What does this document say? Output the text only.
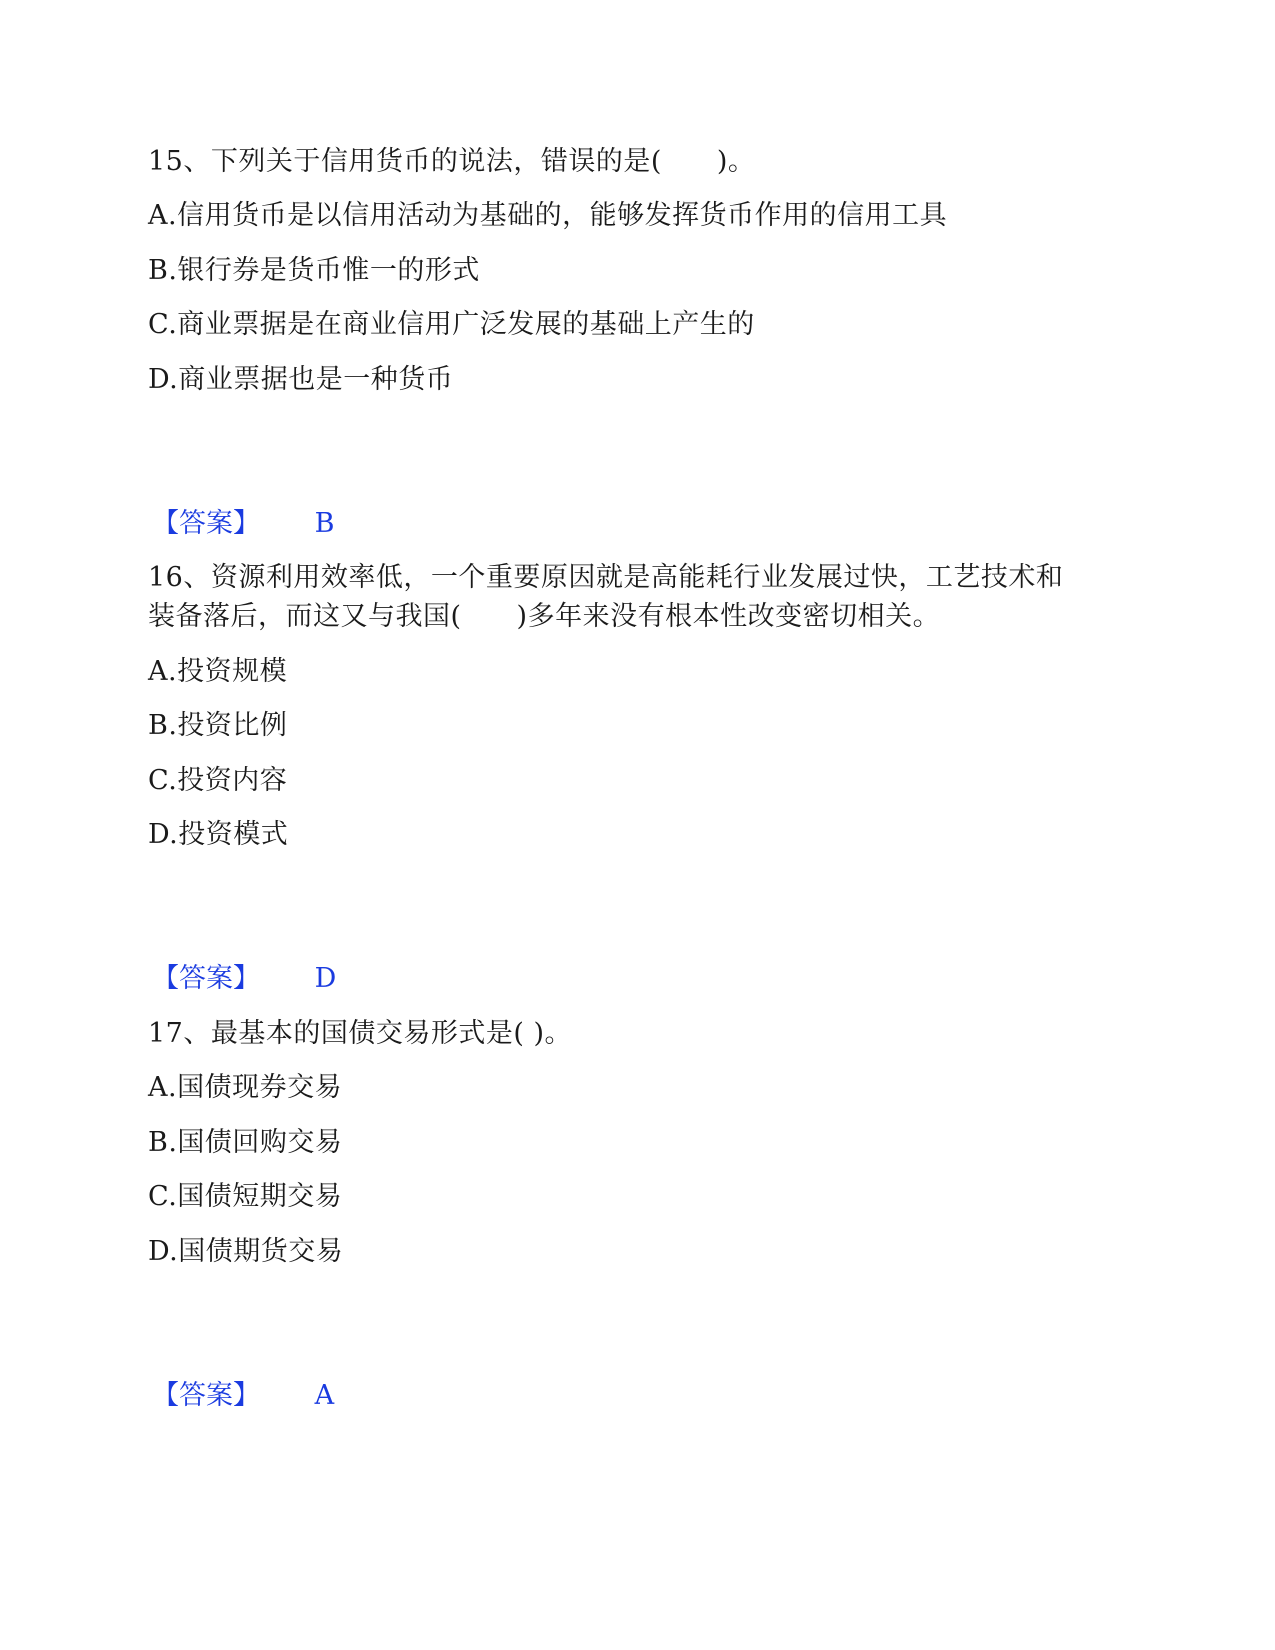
15、下列关于信用货币的说法，错误的是(　　)。
A.信用货币是以信用活动为基础的，能够发挥货币作用的信用工具
B.银行券是货币惟一的形式
C.商业票据是在商业信用广泛发展的基础上产生的
D.商业票据也是一种货币
【答案】 B
16、资源利用效率低，一个重要原因就是高能耗行业发展过快，工艺技术和
装备落后，而这又与我国(　　)多年来没有根本性改变密切相关。
A.投资规模
B.投资比例
C.投资内容
D.投资模式
【答案】 D
17、最基本的国债交易形式是( )。
A.国债现券交易
B.国债回购交易
C.国债短期交易
D.国债期货交易
【答案】 A
